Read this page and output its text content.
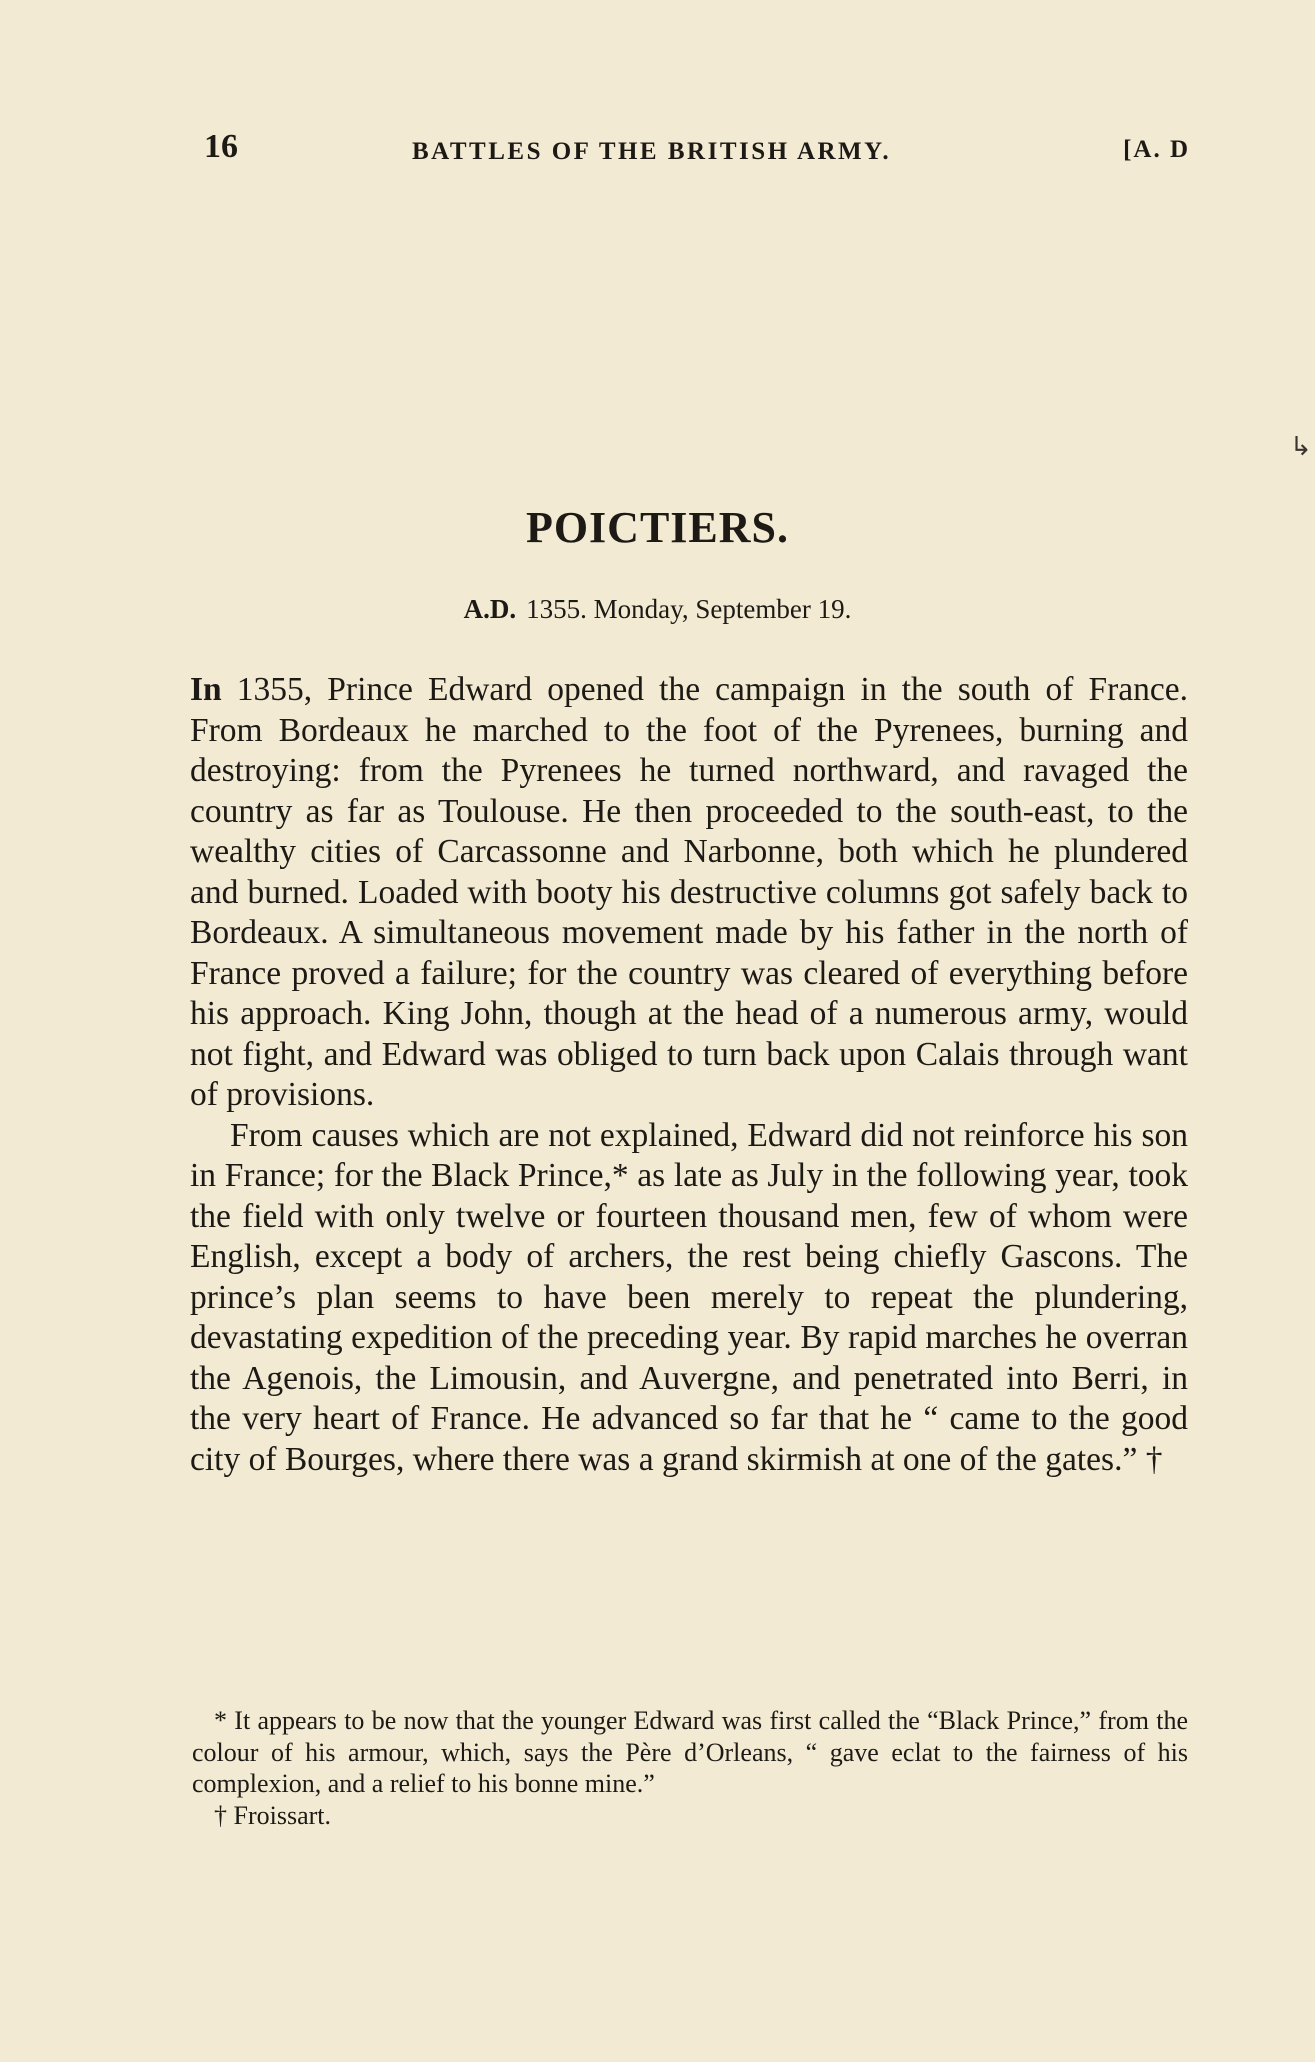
16	BATTLES OF THE BRITISH ARMY.	[A. D
↳
POICTIERS.
A.D. 1355. Monday, September 19.

In 1355, Prince Edward opened the campaign in the south of France. From Bordeaux he marched to the foot of the Pyrenees, burning and destroying: from the Pyrenees he turned northward, and ravaged the country as far as Toulouse. He then proceeded to the south-east, to the wealthy cities of Carcassonne and Narbonne, both which he plundered and burned. Loaded with booty his destructive columns got safely back to Bordeaux. A simultaneous movement made by his father in the north of France proved a failure; for the country was cleared of everything before his approach. King John, though at the head of a numerous army, would not fight, and Edward was obliged to turn back upon Calais through want of provisions.

From causes which are not explained, Edward did not reinforce his son in France; for the Black Prince,* as late as July in the following year, took the field with only twelve or fourteen thousand men, few of whom were English, except a body of archers, the rest being chiefly Gascons. The prince’s plan seems to have been merely to repeat the plundering, devastating expedition of the preceding year. By rapid marches he overran the Agenois, the Limousin, and Auvergne, and penetrated into Berri, in the very heart of France. He advanced so far that he “ came to the good city of Bourges, where there was a grand skirmish at one of the gates.” †

* It appears to be now that the younger Edward was first called the “Black Prince,” from the colour of his armour, which, says the Père d’Orleans, “ gave eclat to the fairness of his complexion, and a relief to his bonne mine.”

† Froissart.
